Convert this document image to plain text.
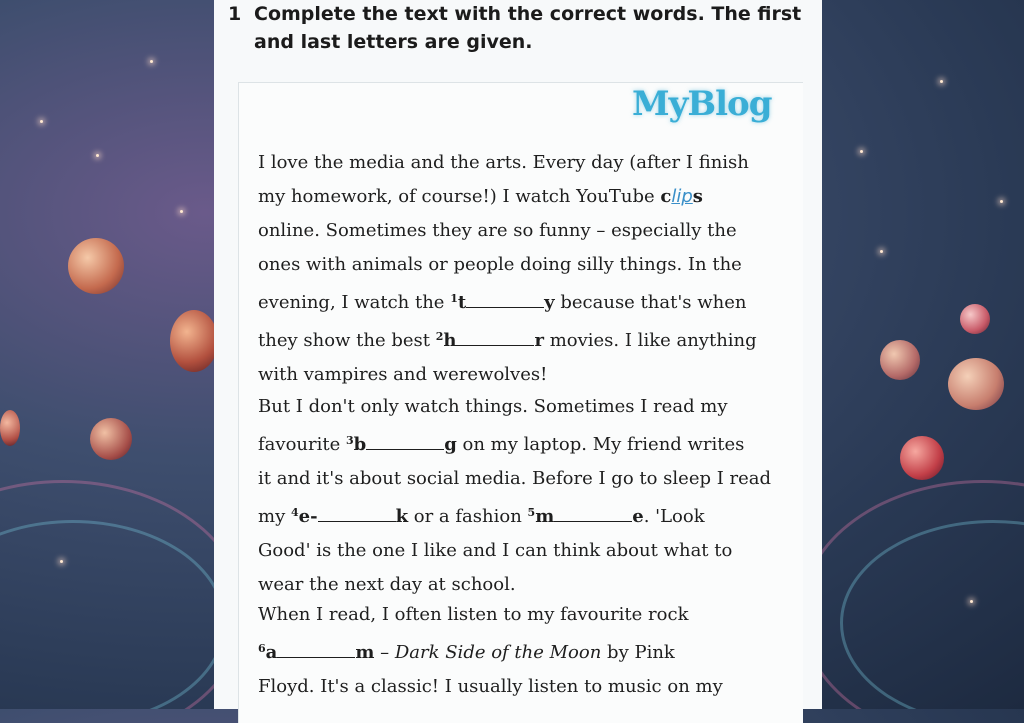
1 Complete the text with the correct words. The first and last letters are given.
MyBlog
I love the media and the arts. Every day (after I finish
my homework, of course!) I watch YouTube clips
online. Sometimes they are so funny – especially the
ones with animals or people doing silly things. In the
evening, I watch the $^1$t	y because that's when
they show the best $^2$h	r movies. I like anything
with vampires and werewolves!
But I don't only watch things. Sometimes I read my
favourite $^3$b	g on my laptop. My friend writes
it and it's about social media. Before I go to sleep I read
my $^4$e-	k or a fashion $^5$m	e. 'Look
Good' is the one I like and I can think about what to
wear the next day at school.
When I read, I often listen to my favourite rock
$^6$a	m – Dark Side of the Moon by Pink
Floyd. It's a classic! I usually listen to music on my
